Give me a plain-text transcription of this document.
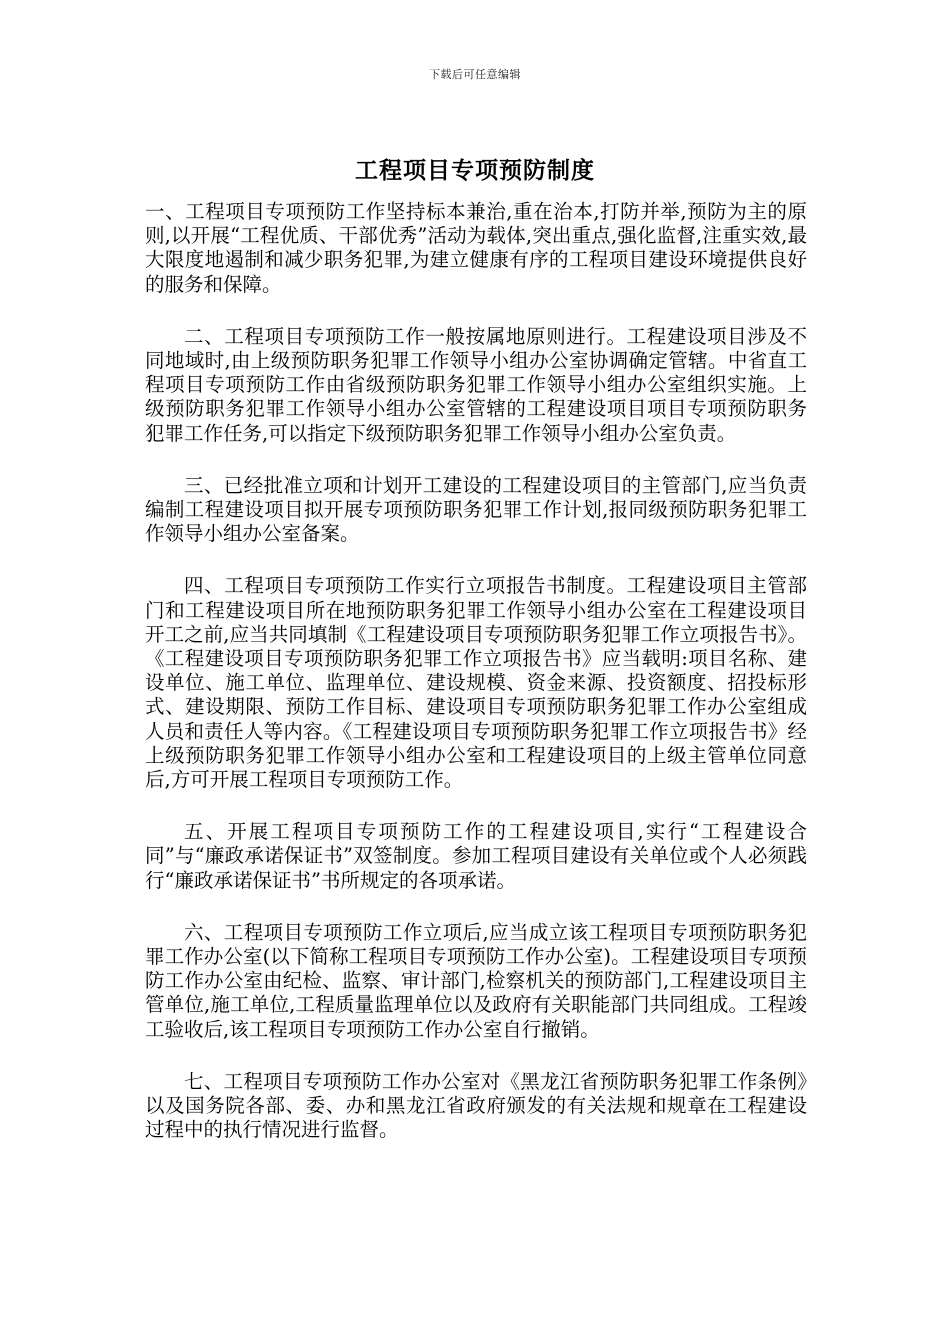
下载后可任意编辑
工程项目专项预防制度

一、工程项目专项预防工作坚持标本兼治,重在治本,打防并举,预防为主的原则,以开展“工程优质、干部优秀”活动为载体,突出重点,强化监督,注重实效,最大限度地遏制和减少职务犯罪,为建立健康有序的工程项目建设环境提供良好的服务和保障。

二、工程项目专项预防工作一般按属地原则进行。工程建设项目涉及不同地域时,由上级预防职务犯罪工作领导小组办公室协调确定管辖。中省直工程项目专项预防工作由省级预防职务犯罪工作领导小组办公室组织实施。上级预防职务犯罪工作领导小组办公室管辖的工程建设项目项目专项预防职务犯罪工作任务,可以指定下级预防职务犯罪工作领导小组办公室负责。

三、已经批准立项和计划开工建设的工程建设项目的主管部门,应当负责编制工程建设项目拟开展专项预防职务犯罪工作计划,报同级预防职务犯罪工作领导小组办公室备案。

四、工程项目专项预防工作实行立项报告书制度。工程建设项目主管部门和工程建设项目所在地预防职务犯罪工作领导小组办公室在工程建设项目开工之前,应当共同填制《工程建设项目专项预防职务犯罪工作立项报告书》。《工程建设项目专项预防职务犯罪工作立项报告书》应当载明:项目名称、建设单位、施工单位、监理单位、建设规模、资金来源、投资额度、招投标形式、建设期限、预防工作目标、建设项目专项预防职务犯罪工作办公室组成人员和责任人等内容。《工程建设项目专项预防职务犯罪工作立项报告书》经上级预防职务犯罪工作领导小组办公室和工程建设项目的上级主管单位同意后,方可开展工程项目专项预防工作。

五、开展工程项目专项预防工作的工程建设项目,实行“工程建设合同”与“廉政承诺保证书”双签制度。参加工程项目建设有关单位或个人必须践行“廉政承诺保证书”书所规定的各项承诺。

六、工程项目专项预防工作立项后,应当成立该工程项目专项预防职务犯罪工作办公室(以下简称工程项目专项预防工作办公室)。工程建设项目专项预防工作办公室由纪检、监察、审计部门,检察机关的预防部门,工程建设项目主管单位,施工单位,工程质量监理单位以及政府有关职能部门共同组成。工程竣工验收后,该工程项目专项预防工作办公室自行撤销。

七、工程项目专项预防工作办公室对《黑龙江省预防职务犯罪工作条例》以及国务院各部、委、办和黑龙江省政府颁发的有关法规和规章在工程建设过程中的执行情况进行监督。
